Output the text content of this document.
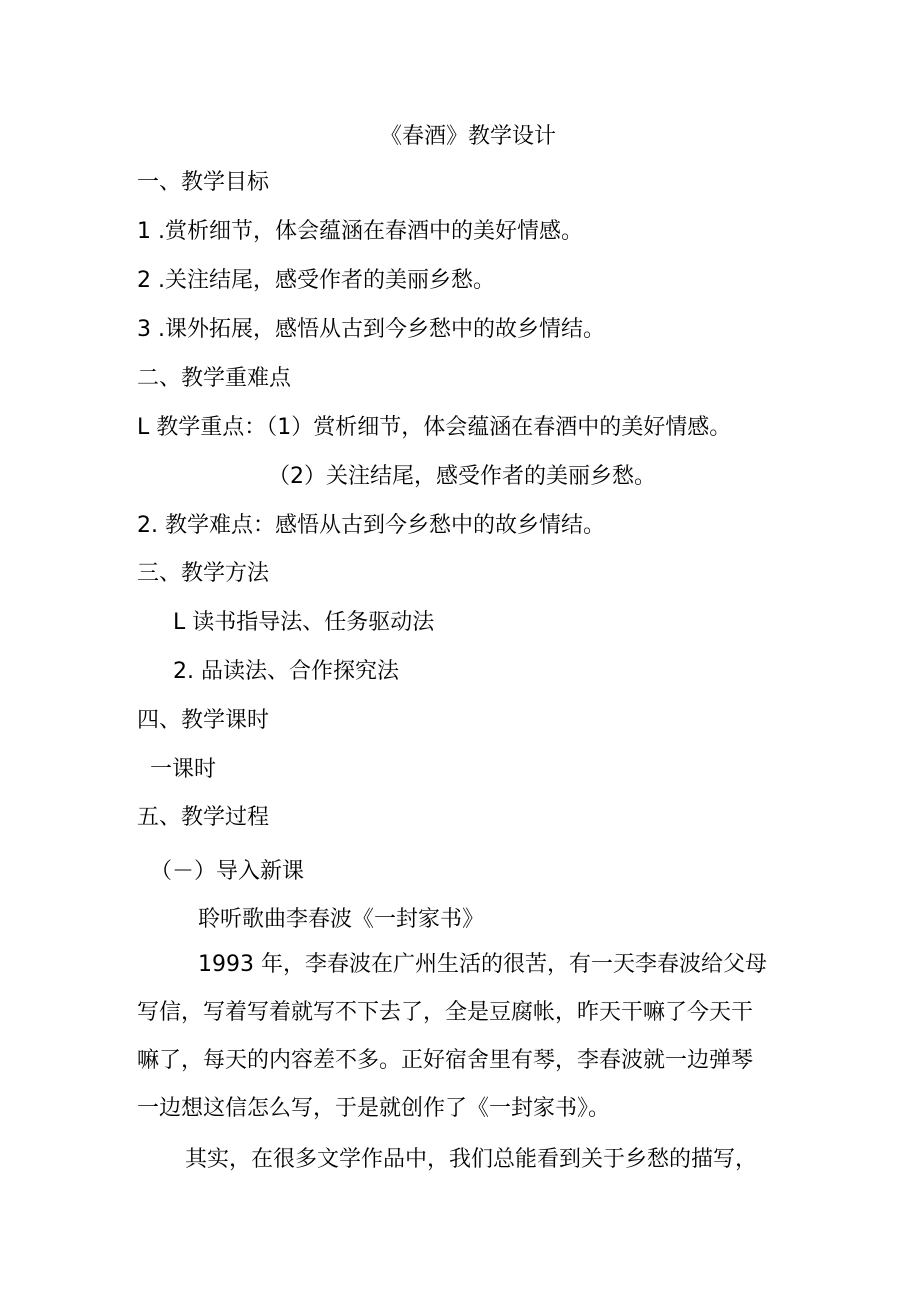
《春酒》教学设计
一、教学目标
1 .赏析细节，体会蕴涵在春酒中的美好情感。
2 .关注结尾，感受作者的美丽乡愁。
3 .课外拓展，感悟从古到今乡愁中的故乡情结。
二、教学重难点
L 教学重点：（1）赏析细节，体会蕴涵在春酒中的美好情感。
（2）关注结尾，感受作者的美丽乡愁。
2. 教学难点：感悟从古到今乡愁中的故乡情结。
三、教学方法
L 读书指导法、任务驱动法
2. 品读法、合作探究法
四、教学课时
一课时
五、教学过程
（－）导入新课
聆听歌曲李春波《一封家书》
1993 年，李春波在广州生活的很苦，有一天李春波给父母
写信，写着写着就写不下去了，全是豆腐帐，昨天干嘛了今天干
嘛了，每天的内容差不多。正好宿舍里有琴，李春波就一边弹琴
一边想这信怎么写，于是就创作了《一封家书》。
其实，在很多文学作品中，我们总能看到关于乡愁的描写，
